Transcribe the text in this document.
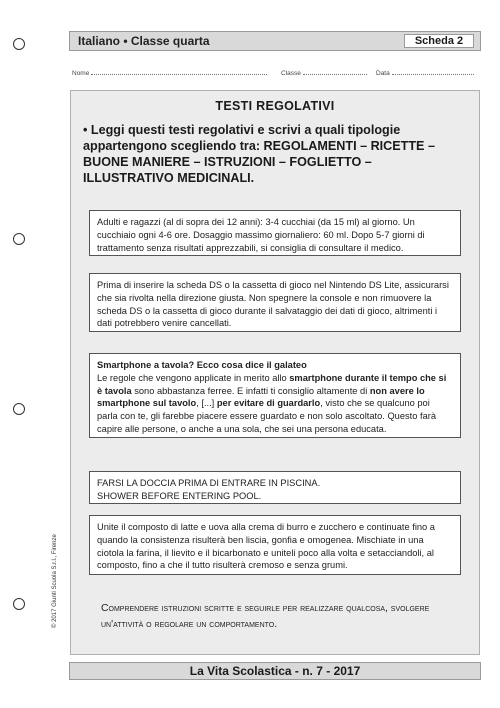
Italiano • Classe quarta	Scheda 2
Nome	Classe	Data
TESTI REGOLATIVI
• Leggi questi testi regolativi e scrivi a quali tipologie appartengono scegliendo tra: REGOLAMENTI – RICETTE – BUONE MANIERE – ISTRUZIONI – FOGLIETTO – ILLUSTRATIVO MEDICINALI.

Adulti e ragazzi (al di sopra dei 12 anni): 3-4 cucchiai (da 15 ml) al giorno. Un cucchiaio ogni 4-6 ore. Dosaggio massimo giornaliero: 60 ml. Dopo 5-7 giorni di trattamento senza risultati apprezzabili, si consiglia di consultare il medico.

Prima di inserire la scheda DS o la cassetta di gioco nel Nintendo DS Lite, assicurarsi che sia rivolta nella direzione giusta. Non spegnere la console e non rimuovere la scheda DS o la cassetta di gioco durante il salvataggio dei dati di gioco, altrimenti i dati potrebbero venire cancellati.

Smartphone a tavola? Ecco cosa dice il galateo
Le regole che vengono applicate in merito allo smartphone durante il tempo che si è tavola sono abbastanza ferree. E infatti ti consiglio altamente di non avere lo smartphone sul tavolo, [...] per evitare di guardarlo, visto che se qualcuno poi parla con te, gli farebbe piacere essere guardato e non solo ascoltato. Questo farà capire alle persone, o anche a una sola, che sei una persona educata.

FARSI LA DOCCIA PRIMA DI ENTRARE IN PISCINA.
SHOWER BEFORE ENTERING POOL.

Unite il composto di latte e uova alla crema di burro e zucchero e continuate fino a quando la consistenza risulterà ben liscia, gonfia e omogenea. Mischiate in una ciotola la farina, il lievito e il bicarbonato e uniteli poco alla volta e setacciandoli, al composto, fino a che il tutto risulterà cremoso e senza grumi.

Comprendere istruzioni scritte e seguirle per realizzare qualcosa, svolgere un'attività o regolare un comportamento.
© 2017 Giunti Scuola S.r.l., Firenze
La Vita Scolastica - n. 7 - 2017
